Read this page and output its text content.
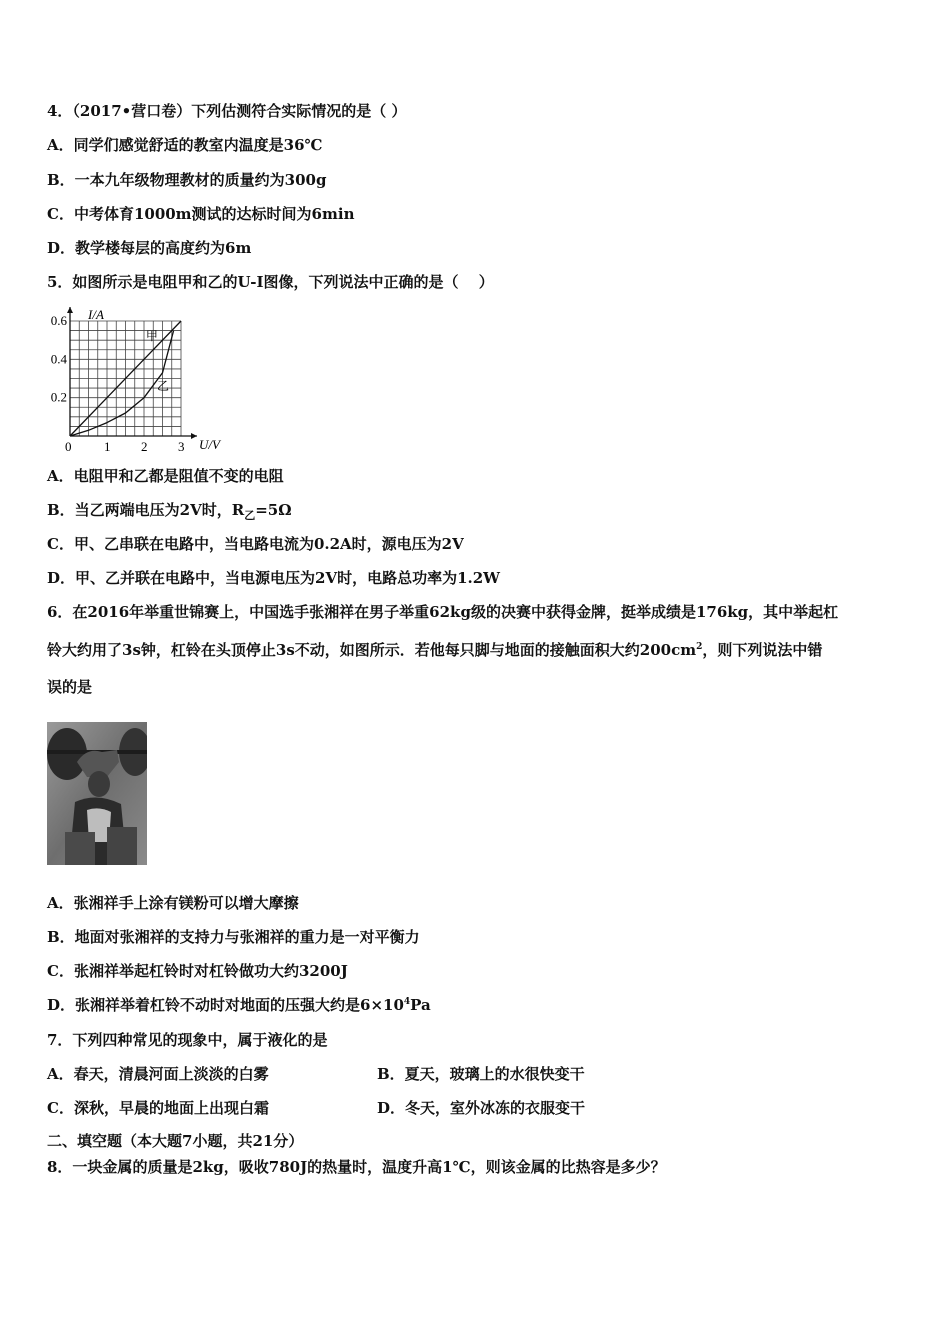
4．（2017•营口卷）下列估测符合实际情况的是（ ）
A．同学们感觉舒适的教室内温度是36℃
B．一本九年级物理教材的质量约为300g
C．中考体育1000m测试的达标时间为6min
D．教学楼每层的高度约为6m
5．如图所示是电阻甲和乙的U-I图像，下列说法中正确的是（　 ）
U/V
I/A
0	1 2 3
0.2
0.4
0.6
甲
乙
A．电阻甲和乙都是阻值不变的电阻
B．当乙两端电压为2V时，$R_乙=5\Omega$
C．甲、乙串联在电路中，当电路电流为0.2A时，源电压为2V
D．甲、乙并联在电路中，当电源电压为2V时，电路总功率为1.2W
6．在2016年举重世锦赛上，中国选手张湘祥在男子举重62kg级的决赛中获得金牌，挺举成绩是176kg，其中举起杠
铃大约用了3s钟，杠铃在头顶停止3s不动，如图所示．若他每只脚与地面的接触面积大约$200cm^2$，则下列说法中错
误的是
A．张湘祥手上涂有镁粉可以增大摩擦
B．地面对张湘祥的支持力与张湘祥的重力是一对平衡力
C．张湘祥举起杠铃时对杠铃做功大约3200J
D．张湘祥举着杠铃不动时对地面的压强大约是$6\times 10^4Pa$
7．下列四种常见的现象中，属于液化的是
A．春天，清晨河面上淡淡的白雾	B．夏天，玻璃上的水很快变干
C．深秋，早晨的地面上出现白霜	D．冬天，室外冰冻的衣服变干
二、填空题（本大题7小题，共21分）
8．一块金属的质量是2kg，吸收780J的热量时，温度升高1℃，则该金属的比热容是多少？
